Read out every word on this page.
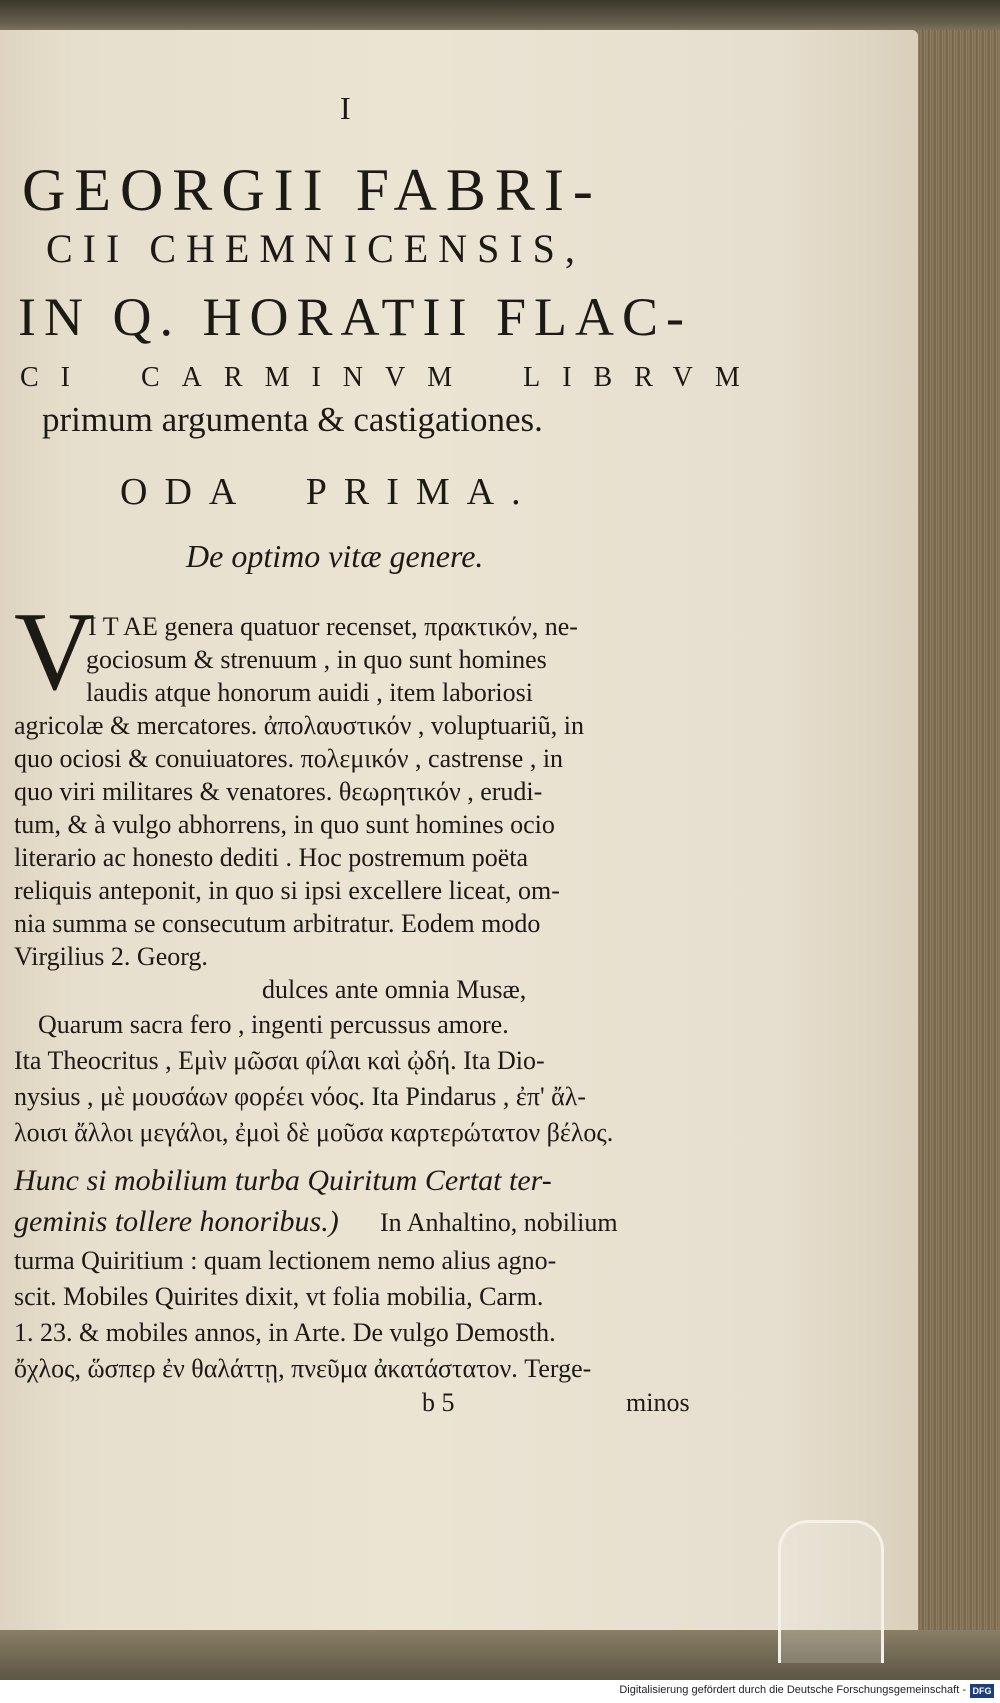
I
GEORGII FABRI-
CII CHEMNICENSIS,
IN Q. HORATII FLAC-
CI CARMINVM LIBRVM
primum argumenta & castigationes.
ODA PRIMA.
De optimo vitæ genere.
V
I T AE genera quatuor recenset, πρακτικόν, ne-
gociosum & strenuum , in quo sunt homines
laudis atque honorum auidi , item laboriosi
agricolæ & mercatores. ἀπολαυστικόν , voluptuariũ, in
quo ociosi & conuiuatores. πολεμικόν , castrense , in
quo viri militares & venatores. θεωρητικόν , erudi-
tum, & à vulgo abhorrens, in quo sunt homines ocio
literario ac honesto dediti . Hoc postremum poëta
reliquis anteponit, in quo si ipsi excellere liceat, om-
nia summa se consecutum arbitratur. Eodem modo
Virgilius 2. Georg.
dulces ante omnia Musæ,
Quarum sacra fero , ingenti percussus amore.
Ita Theocritus , Εμὶν μῶσαι φίλαι καὶ ᾠδή. Ita Dio-
nysius , μὲ μουσάων φορέει νόος. Ita Pindarus , ἐπ' ἄλ-
λοισι ἄλλοι μεγάλοι, ἐμοὶ δὲ μοῦσα καρτερώτατον βέλος.
Hunc si mobilium turba Quiritum Certat ter-
geminis tollere honoribus.) In Anhaltino, nobilium
turma Quiritium : quam lectionem nemo alius agno-
scit. Mobiles Quirites dixit, vt folia mobilia, Carm.
1. 23. & mobiles annos, in Arte. De vulgo Demosth.
ὄχλος, ὥσπερ ἐν θαλάττῃ, πνεῦμα ἀκατάστατον. Terge-
b 5	minos
Digitalisierung gefördert durch die Deutsche Forschungsgemeinschaft - DFG
